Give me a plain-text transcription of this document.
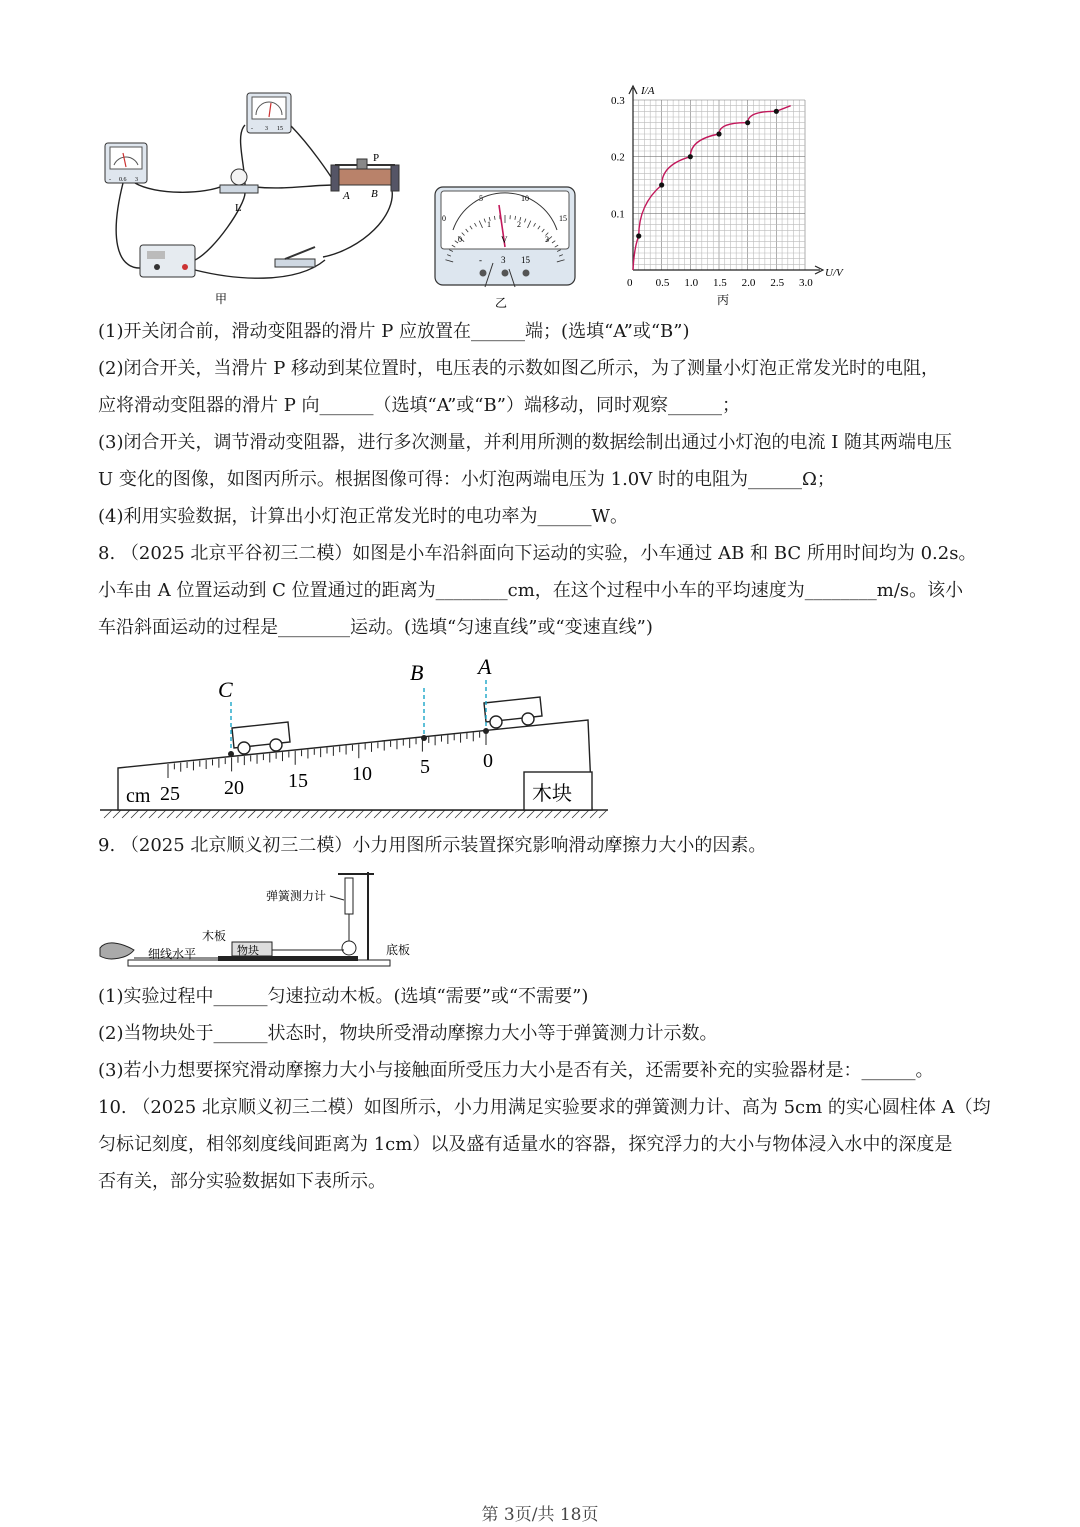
- 0.6 3
- 3 15
L
P
A B
甲
0
5	10
15
0
1	2
3
V
- 3 15
乙
0 0.5 1.0 1.5 2.0 2.5 3.0
0.1
0.2
0.3
I/A
U/V
丙
(1)开关闭合前，滑动变阻器的滑片 P 应放置在______端；(选填“A”或“B”)
(2)闭合开关，当滑片 P 移动到某位置时，电压表的示数如图乙所示，为了测量小灯泡正常发光时的电阻，
应将滑动变阻器的滑片 P 向______（选填“A”或“B”）端移动，同时观察______；
(3)闭合开关，调节滑动变阻器，进行多次测量，并利用所测的数据绘制出通过小灯泡的电流 I 随其两端电压
U 变化的图像，如图丙所示。根据图像可得：小灯泡两端电压为 1.0V 时的电阻为______Ω；
(4)利用实验数据，计算出小灯泡正常发光时的电功率为______W。
8. （2025 北京平谷初三二模）如图是小车沿斜面向下运动的实验，小车通过 AB 和 BC 所用时间均为 0.2s。
小车由 A 位置运动到 C 位置通过的距离为________cm，在这个过程中小车的平均速度为________m/s。该小
车沿斜面运动的过程是________运动。(选填“匀速直线”或“变速直线”)
木块
cm 25 20 15 10 5	0
C
B A
9. （2025 北京顺义初三二模）小力用图所示装置探究影响滑动摩擦力大小的因素。
物块
弹簧测力计
木板
细线水平	底板
(1)实验过程中______匀速拉动木板。(选填“需要”或“不需要”)
(2)当物块处于______状态时，物块所受滑动摩擦力大小等于弹簧测力计示数。
(3)若小力想要探究滑动摩擦力大小与接触面所受压力大小是否有关，还需要补充的实验器材是：______。
10. （2025 北京顺义初三二模）如图所示，小力用满足实验要求的弹簧测力计、高为 5cm 的实心圆柱体 A（均
匀标记刻度，相邻刻度线间距离为 1cm）以及盛有适量水的容器，探究浮力的大小与物体浸入水中的深度是
否有关，部分实验数据如下表所示。
第 3页/共 18页
